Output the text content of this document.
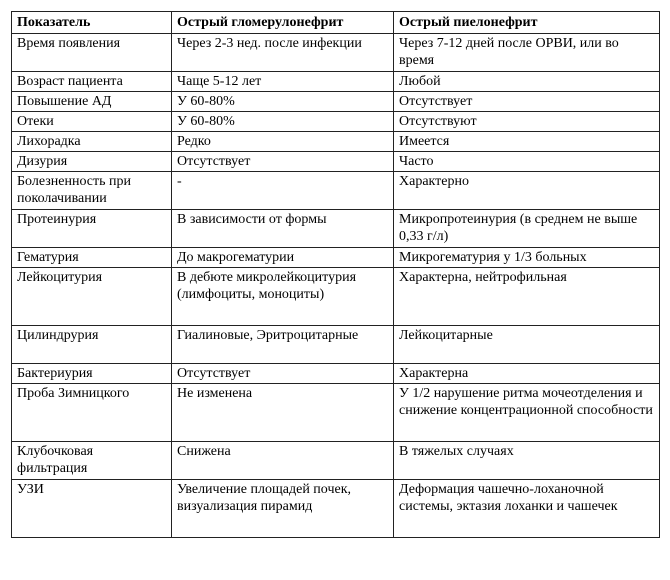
Показатель	Острый гломерулонефрит	Острый пиелонефрит
Время появления	Через 2-3 нед. после инфекции	Через 7-12 дней после ОРВИ, или во время
Возраст пациента	Чаще 5-12 лет	Любой
Повышение АД	У 60-80%	Отсутствует
Отеки	У 60-80%	Отсутствуют
Лихорадка	Редко	Имеется
Дизурия	Отсутствует	Часто
Болезненность при поколачивании	-	Характерно
Протеинурия	В зависимости от формы	Микропротеинурия (в среднем не выше 0,33 г/л)
Гематурия	До макрогематурии	Микрогематурия у 1/3 больных
Лейкоцитурия	В дебюте микролейкоцитурия (лимфоциты, моноциты)	Характерна, нейтрофильная
Цилиндрурия	Гиалиновые, Эритроцитарные	Лейкоцитарные
Бактериурия	Отсутствует	Характерна
Проба Зимницкого	Не изменена	У 1/2 нарушение ритма мочеотделения и снижение концентрационной способности
Клубочковая фильтрация	Снижена	В тяжелых случаях
УЗИ	Увеличение площадей почек, визуализация пирамид	Деформация чашечно-лоханочной системы, эктазия лоханки и чашечек
